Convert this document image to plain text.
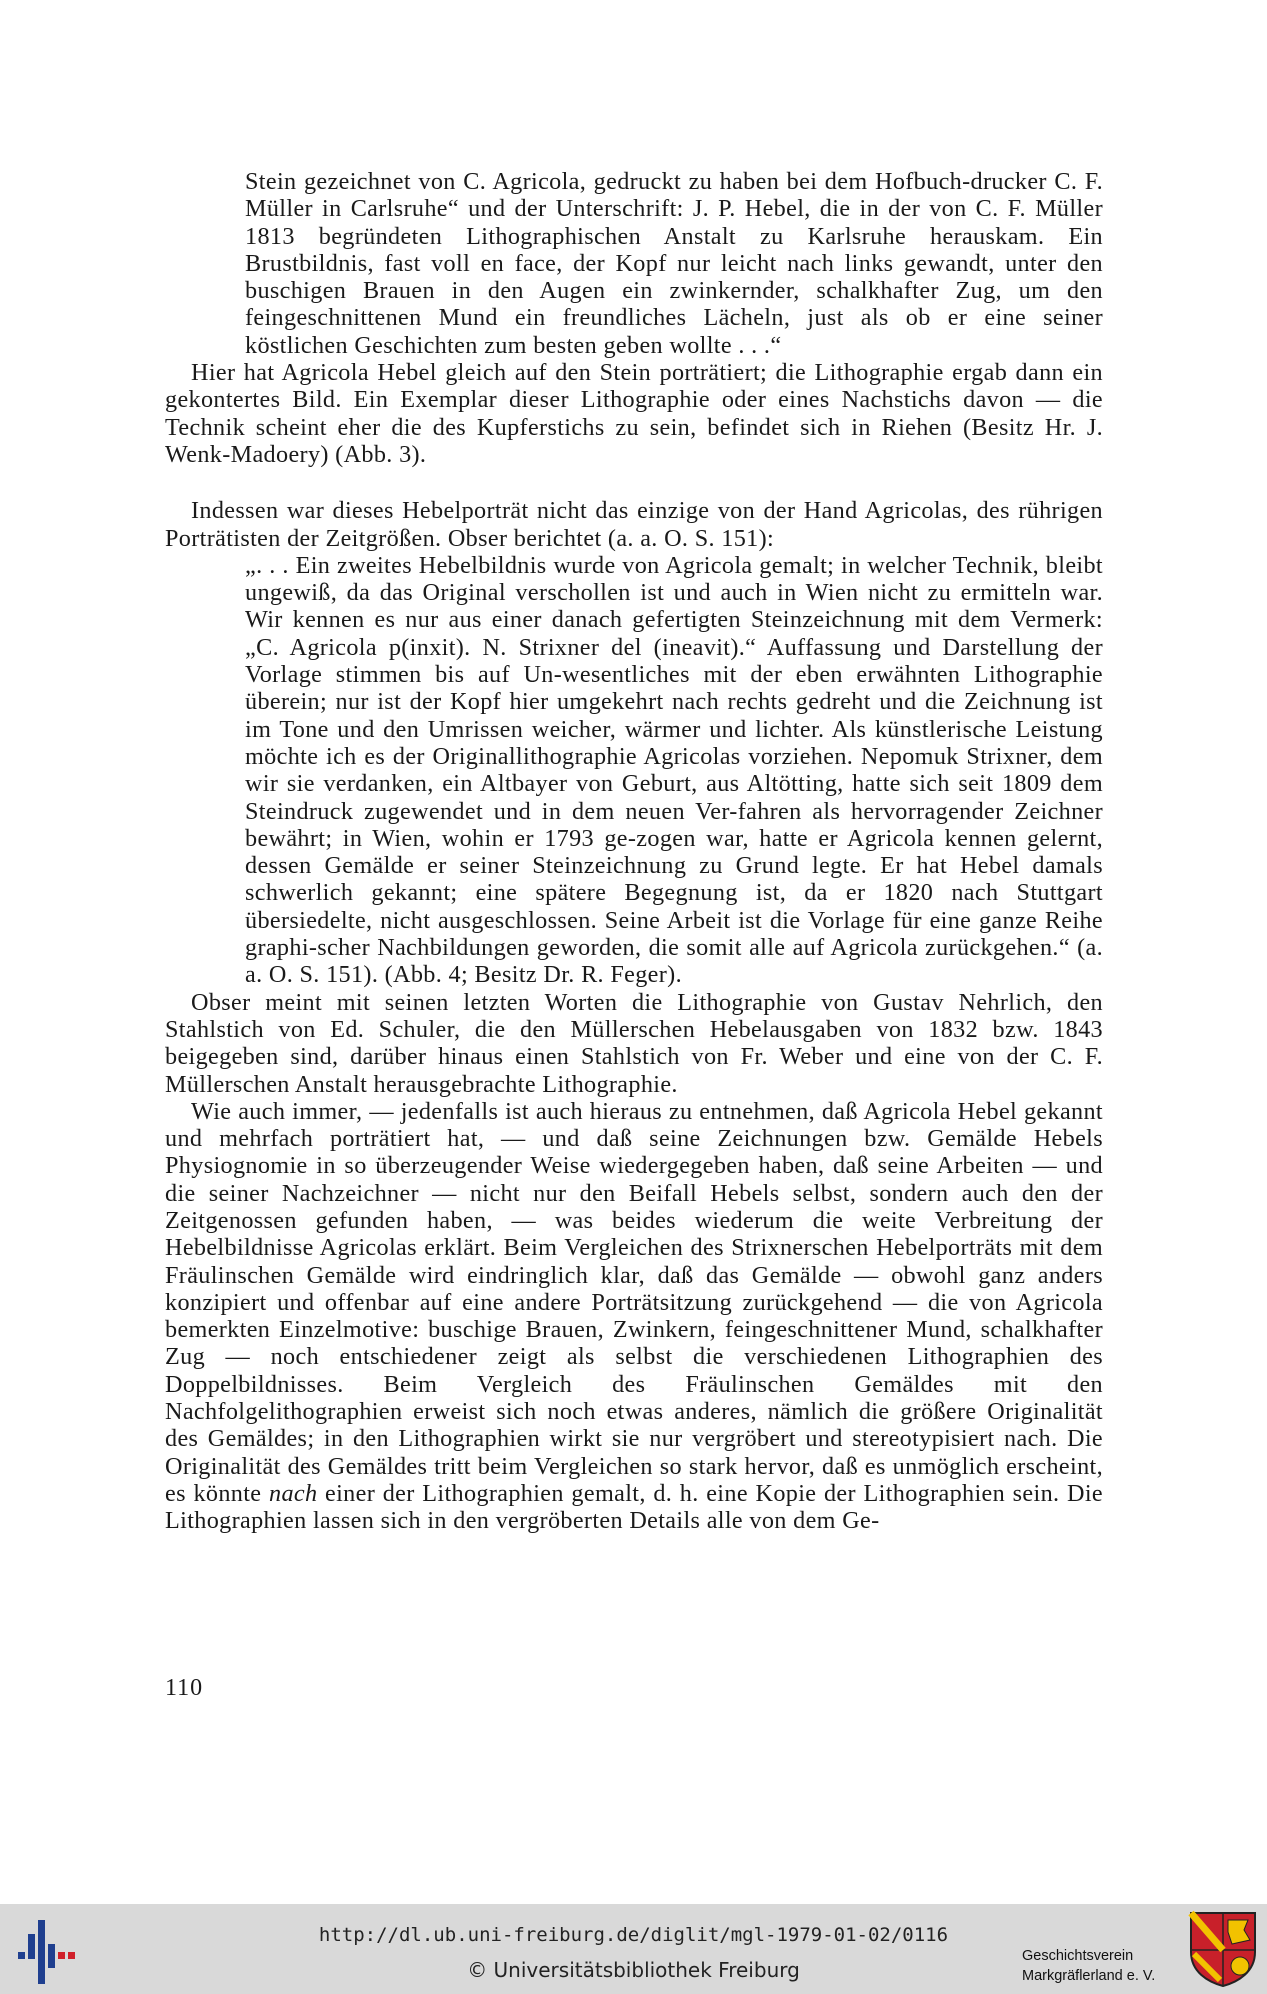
Stein gezeichnet von C. Agricola, gedruckt zu haben bei dem Hofbuch-drucker C. F. Müller in Carlsruhe“ und der Unterschrift: J. P. Hebel, die in der von C. F. Müller 1813 begründeten Lithographischen Anstalt zu Karlsruhe herauskam. Ein Brustbildnis, fast voll en face, der Kopf nur leicht nach links gewandt, unter den buschigen Brauen in den Augen ein zwinkernder, schalkhafter Zug, um den feingeschnittenen Mund ein freundliches Lächeln, just als ob er eine seiner köstlichen Geschichten zum besten geben wollte . . .“

Hier hat Agricola Hebel gleich auf den Stein porträtiert; die Lithographie ergab dann ein gekontertes Bild. Ein Exemplar dieser Lithographie oder eines Nachstichs davon — die Technik scheint eher die des Kupferstichs zu sein, befindet sich in Riehen (Besitz Hr. J. Wenk-Madoery) (Abb. 3).

Indessen war dieses Hebelporträt nicht das einzige von der Hand Agricolas, des rührigen Porträtisten der Zeitgrößen. Obser berichtet (a. a. O. S. 151):

„. . . Ein zweites Hebelbildnis wurde von Agricola gemalt; in welcher Technik, bleibt ungewiß, da das Original verschollen ist und auch in Wien nicht zu ermitteln war. Wir kennen es nur aus einer danach gefertigten Steinzeichnung mit dem Vermerk: „C. Agricola p(inxit). N. Strixner del (ineavit).“ Auffassung und Darstellung der Vorlage stimmen bis auf Un-wesentliches mit der eben erwähnten Lithographie überein; nur ist der Kopf hier umgekehrt nach rechts gedreht und die Zeichnung ist im Tone und den Umrissen weicher, wärmer und lichter. Als künstlerische Leistung möchte ich es der Originallithographie Agricolas vorziehen. Nepomuk Strixner, dem wir sie verdanken, ein Altbayer von Geburt, aus Altötting, hatte sich seit 1809 dem Steindruck zugewendet und in dem neuen Ver-fahren als hervorragender Zeichner bewährt; in Wien, wohin er 1793 ge-zogen war, hatte er Agricola kennen gelernt, dessen Gemälde er seiner Steinzeichnung zu Grund legte. Er hat Hebel damals schwerlich gekannt; eine spätere Begegnung ist, da er 1820 nach Stuttgart übersiedelte, nicht ausgeschlossen. Seine Arbeit ist die Vorlage für eine ganze Reihe graphi-scher Nachbildungen geworden, die somit alle auf Agricola zurückgehen.“ (a. a. O. S. 151). (Abb. 4; Besitz Dr. R. Feger).

Obser meint mit seinen letzten Worten die Lithographie von Gustav Nehrlich, den Stahlstich von Ed. Schuler, die den Müllerschen Hebelausgaben von 1832 bzw. 1843 beigegeben sind, darüber hinaus einen Stahlstich von Fr. Weber und eine von der C. F. Müllerschen Anstalt herausgebrachte Lithographie.

Wie auch immer, — jedenfalls ist auch hieraus zu entnehmen, daß Agricola Hebel gekannt und mehrfach porträtiert hat, — und daß seine Zeichnungen bzw. Gemälde Hebels Physiognomie in so überzeugender Weise wiedergegeben haben, daß seine Arbeiten — und die seiner Nachzeichner — nicht nur den Beifall Hebels selbst, sondern auch den der Zeitgenossen gefunden haben, — was beides wiederum die weite Verbreitung der Hebelbildnisse Agricolas erklärt. Beim Vergleichen des Strixnerschen Hebelporträts mit dem Fräulinschen Gemälde wird eindringlich klar, daß das Gemälde — obwohl ganz anders konzipiert und offenbar auf eine andere Porträtsitzung zurückgehend — die von Agricola bemerkten Einzelmotive: buschige Brauen, Zwinkern, feingeschnittener Mund, schalkhafter Zug — noch entschiedener zeigt als selbst die verschiedenen Lithographien des Doppelbildnisses. Beim Vergleich des Fräulinschen Gemäldes mit den Nachfolgelithographien erweist sich noch etwas anderes, nämlich die größere Originalität des Gemäldes; in den Lithographien wirkt sie nur vergröbert und stereotypisiert nach. Die Originalität des Gemäldes tritt beim Vergleichen so stark hervor, daß es unmöglich erscheint, es könnte nach einer der Lithographien gemalt, d. h. eine Kopie der Lithographien sein. Die Lithographien lassen sich in den vergröberten Details alle von dem Ge-

110
http://dl.ub.uni-freiburg.de/diglit/mgl-1979-01-02/0116
© Universitätsbibliothek Freiburg
Geschichtsverein
Markgräflerland e. V.
